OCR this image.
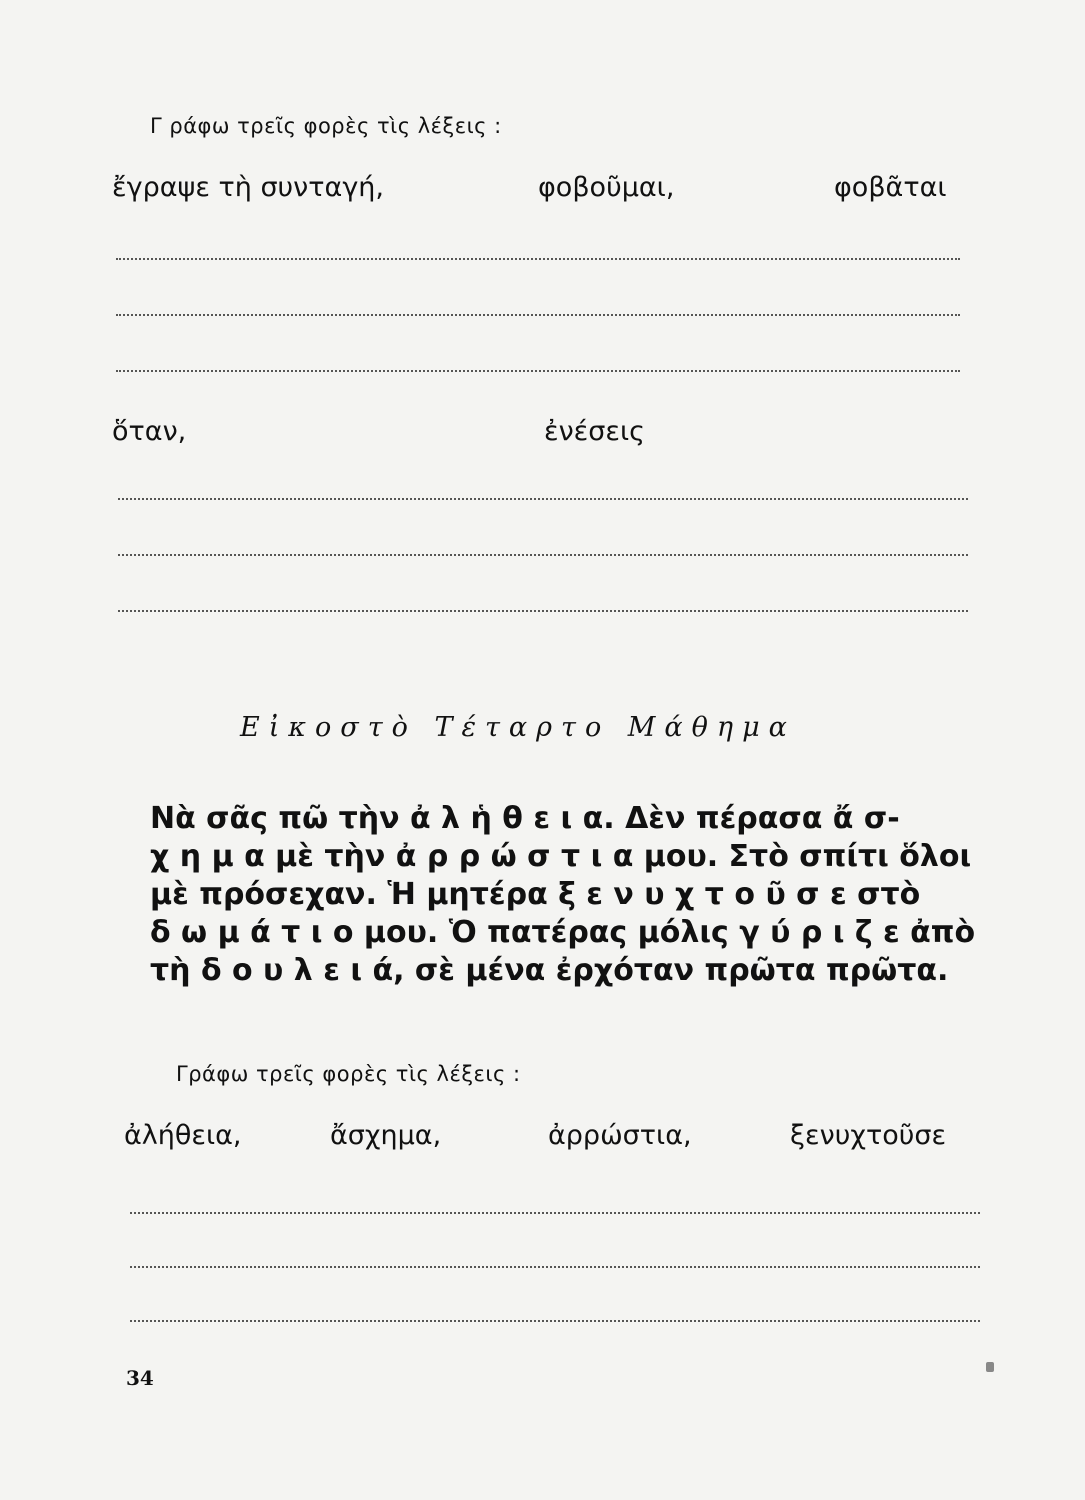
Γ ράφω τρεῖς φορὲς τὶς λέξεις :
ἔγραψε τὴ συνταγή,	φοβοῦμαι,	φοβᾶται
ὅταν,	ἐνέσεις
Εἰκοστὸ Τέταρτο Μάθημα
Νὰ σᾶς πῶ τὴν ἀ λ ἡ θ ε ι α. Δὲν πέρασα ἄ σ-
χ η μ α μὲ τὴν ἀ ρ ρ ώ σ τ ι α μου. Στὸ σπίτι ὅλοι
μὲ πρόσεχαν. Ἡ μητέρα ξ ε ν υ χ τ ο ῦ σ ε στὸ
δ ω μ ά τ ι ο μου. Ὁ πατέρας μόλις γ ύ ρ ι ζ ε ἀπὸ
τὴ δ ο υ λ ε ι ά, σὲ μένα ἐρχόταν πρῶτα πρῶτα.
Γράφω τρεῖς φορὲς τὶς λέξεις :
ἀλήθεια,	ἄσχημα,	ἀρρώστια,	ξενυχτοῦσε
34
